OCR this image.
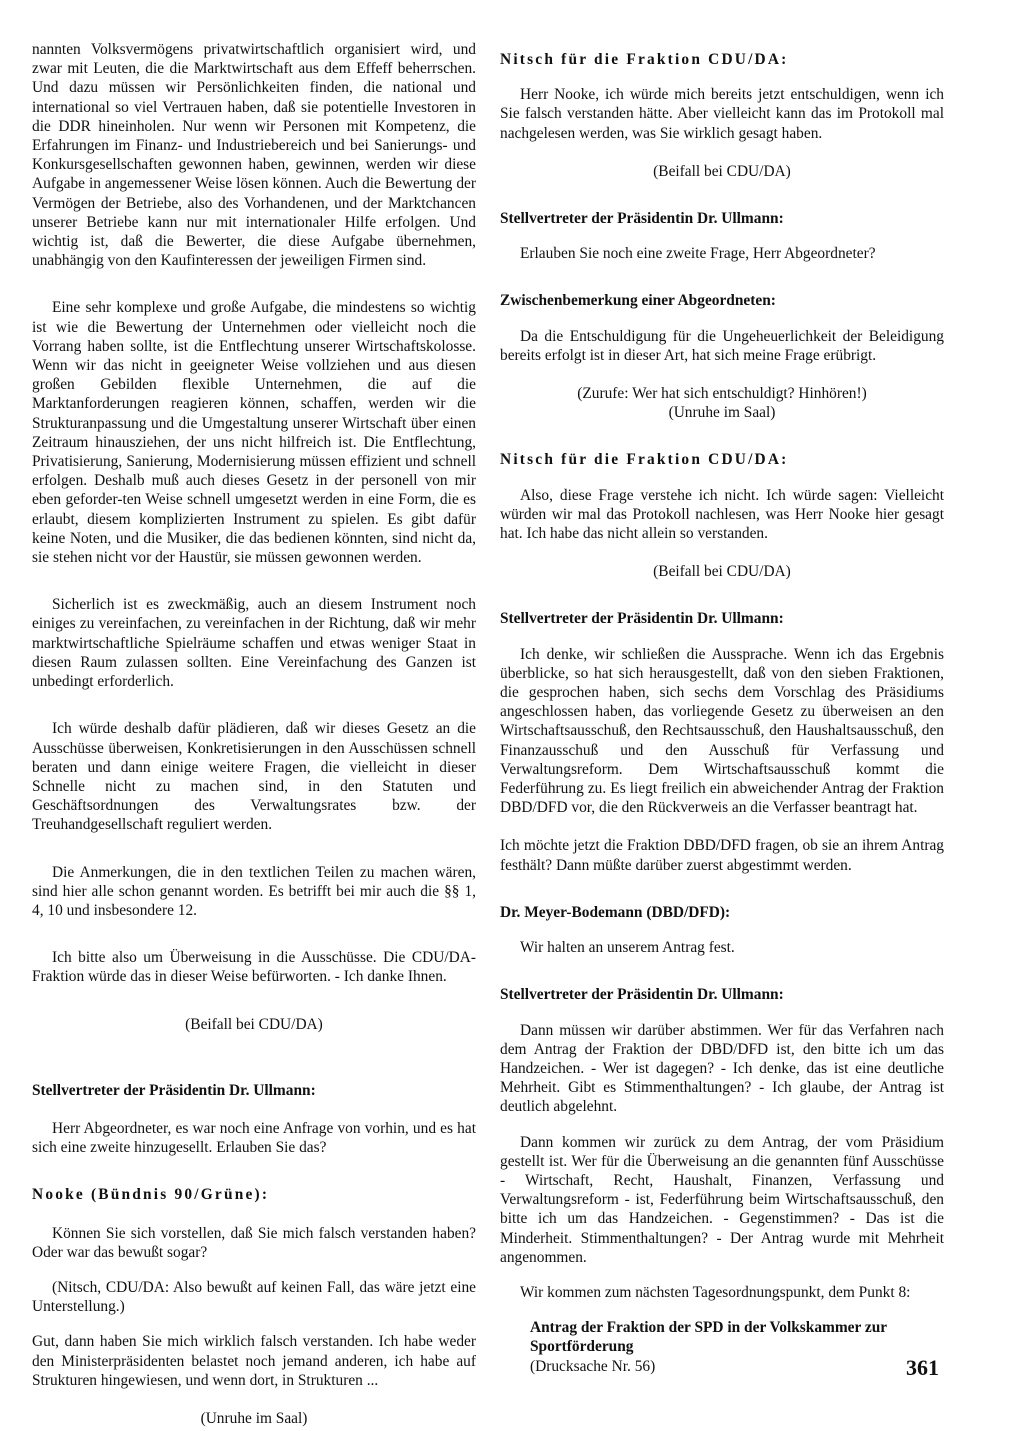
nannten Volksvermögens privatwirtschaftlich organisiert wird, und zwar mit Leuten, die die Marktwirtschaft aus dem Effeff beherrschen. Und dazu müssen wir Persönlichkeiten finden, die national und international so viel Vertrauen haben, daß sie potentielle Investoren in die DDR hineinholen. Nur wenn wir Personen mit Kompetenz, die Erfahrungen im Finanz- und Industriebereich und bei Sanierungs- und Konkursgesellschaften gewonnen haben, gewinnen, werden wir diese Aufgabe in angemessener Weise lösen können. Auch die Bewertung der Vermögen der Betriebe, also des Vorhandenen, und der Marktchancen unserer Betriebe kann nur mit internationaler Hilfe erfolgen. Und wichtig ist, daß die Bewerter, die diese Aufgabe übernehmen, unabhängig von den Kaufinteressen der jeweiligen Firmen sind.

Eine sehr komplexe und große Aufgabe, die mindestens so wichtig ist wie die Bewertung der Unternehmen oder vielleicht noch die Vorrang haben sollte, ist die Entflechtung unserer Wirtschaftskolosse. Wenn wir das nicht in geeigneter Weise vollziehen und aus diesen großen Gebilden flexible Unternehmen, die auf die Marktanforderungen reagieren können, schaffen, werden wir die Strukturanpassung und die Umgestaltung unserer Wirtschaft über einen Zeitraum hinausziehen, der uns nicht hilfreich ist. Die Entflechtung, Privatisierung, Sanierung, Modernisierung müssen effizient und schnell erfolgen. Deshalb muß auch dieses Gesetz in der personell von mir eben geforder-ten Weise schnell umgesetzt werden in eine Form, die es erlaubt, diesem komplizierten Instrument zu spielen. Es gibt dafür keine Noten, und die Musiker, die das bedienen könnten, sind nicht da, sie stehen nicht vor der Haustür, sie müssen gewonnen werden.

Sicherlich ist es zweckmäßig, auch an diesem Instrument noch einiges zu vereinfachen, zu vereinfachen in der Richtung, daß wir mehr marktwirtschaftliche Spielräume schaffen und etwas weniger Staat in diesen Raum zulassen sollten. Eine Vereinfachung des Ganzen ist unbedingt erforderlich.

Ich würde deshalb dafür plädieren, daß wir dieses Gesetz an die Ausschüsse überweisen, Konkretisierungen in den Ausschüssen schnell beraten und dann einige weitere Fragen, die vielleicht in dieser Schnelle nicht zu machen sind, in den Statuten und Geschäftsordnungen des Verwaltungsrates bzw. der Treuhandgesellschaft reguliert werden.

Die Anmerkungen, die in den textlichen Teilen zu machen wären, sind hier alle schon genannt worden. Es betrifft bei mir auch die §§ 1, 4, 10 und insbesondere 12.

Ich bitte also um Überweisung in die Ausschüsse. Die CDU/DA-Fraktion würde das in dieser Weise befürworten. - Ich danke Ihnen.

(Beifall bei CDU/DA)

Stellvertreter der Präsidentin Dr. Ullmann:

Herr Abgeordneter, es war noch eine Anfrage von vorhin, und es hat sich eine zweite hinzugesellt. Erlauben Sie das?

Nooke (Bündnis 90/Grüne):

Können Sie sich vorstellen, daß Sie mich falsch verstanden haben? Oder war das bewußt sogar?

(Nitsch, CDU/DA: Also bewußt auf keinen Fall, das wäre jetzt eine Unterstellung.)

Gut, dann haben Sie mich wirklich falsch verstanden. Ich habe weder den Ministerpräsidenten belastet noch jemand anderen, ich habe auf Strukturen hingewiesen, und wenn dort, in Strukturen ...

(Unruhe im Saal)

Nitsch für die Fraktion CDU/DA:

Herr Nooke, ich würde mich bereits jetzt entschuldigen, wenn ich Sie falsch verstanden hätte. Aber vielleicht kann das im Protokoll mal nachgelesen werden, was Sie wirklich gesagt haben.

(Beifall bei CDU/DA)

Stellvertreter der Präsidentin Dr. Ullmann:

Erlauben Sie noch eine zweite Frage, Herr Abgeordneter?

Zwischenbemerkung einer Abgeordneten:

Da die Entschuldigung für die Ungeheuerlichkeit der Beleidigung bereits erfolgt ist in dieser Art, hat sich meine Frage erübrigt.

(Zurufe: Wer hat sich entschuldigt? Hinhören!)

(Unruhe im Saal)

Nitsch für die Fraktion CDU/DA:

Also, diese Frage verstehe ich nicht. Ich würde sagen: Vielleicht würden wir mal das Protokoll nachlesen, was Herr Nooke hier gesagt hat. Ich habe das nicht allein so verstanden.

(Beifall bei CDU/DA)

Stellvertreter der Präsidentin Dr. Ullmann:

Ich denke, wir schließen die Aussprache. Wenn ich das Ergebnis überblicke, so hat sich herausgestellt, daß von den sieben Fraktionen, die gesprochen haben, sich sechs dem Vorschlag des Präsidiums angeschlossen haben, das vorliegende Gesetz zu überweisen an den Wirtschaftsausschuß, den Rechtsausschuß, den Haushaltsausschuß, den Finanzausschuß und den Ausschuß für Verfassung und Verwaltungsreform. Dem Wirtschaftsausschuß kommt die Federführung zu. Es liegt freilich ein abweichender Antrag der Fraktion DBD/DFD vor, die den Rückverweis an die Verfasser beantragt hat.

Ich möchte jetzt die Fraktion DBD/DFD fragen, ob sie an ihrem Antrag festhält? Dann müßte darüber zuerst abgestimmt werden.

Dr. Meyer-Bodemann (DBD/DFD):

Wir halten an unserem Antrag fest.

Stellvertreter der Präsidentin Dr. Ullmann:

Dann müssen wir darüber abstimmen. Wer für das Verfahren nach dem Antrag der Fraktion der DBD/DFD ist, den bitte ich um das Handzeichen. - Wer ist dagegen? - Ich denke, das ist eine deutliche Mehrheit. Gibt es Stimmenthaltungen? - Ich glaube, der Antrag ist deutlich abgelehnt.

Dann kommen wir zurück zu dem Antrag, der vom Präsidium gestellt ist. Wer für die Überweisung an die genannten fünf Ausschüsse - Wirtschaft, Recht, Haushalt, Finanzen, Verfassung und Verwaltungsreform - ist, Federführung beim Wirtschaftsausschuß, den bitte ich um das Handzeichen. - Gegenstimmen? - Das ist die Minderheit. Stimmenthaltungen? - Der Antrag wurde mit Mehrheit angenommen.

Wir kommen zum nächsten Tagesordnungspunkt, dem Punkt 8:

Antrag der Fraktion der SPD in der Volkskammer zur Sportförderung

(Drucksache Nr. 56)	361
